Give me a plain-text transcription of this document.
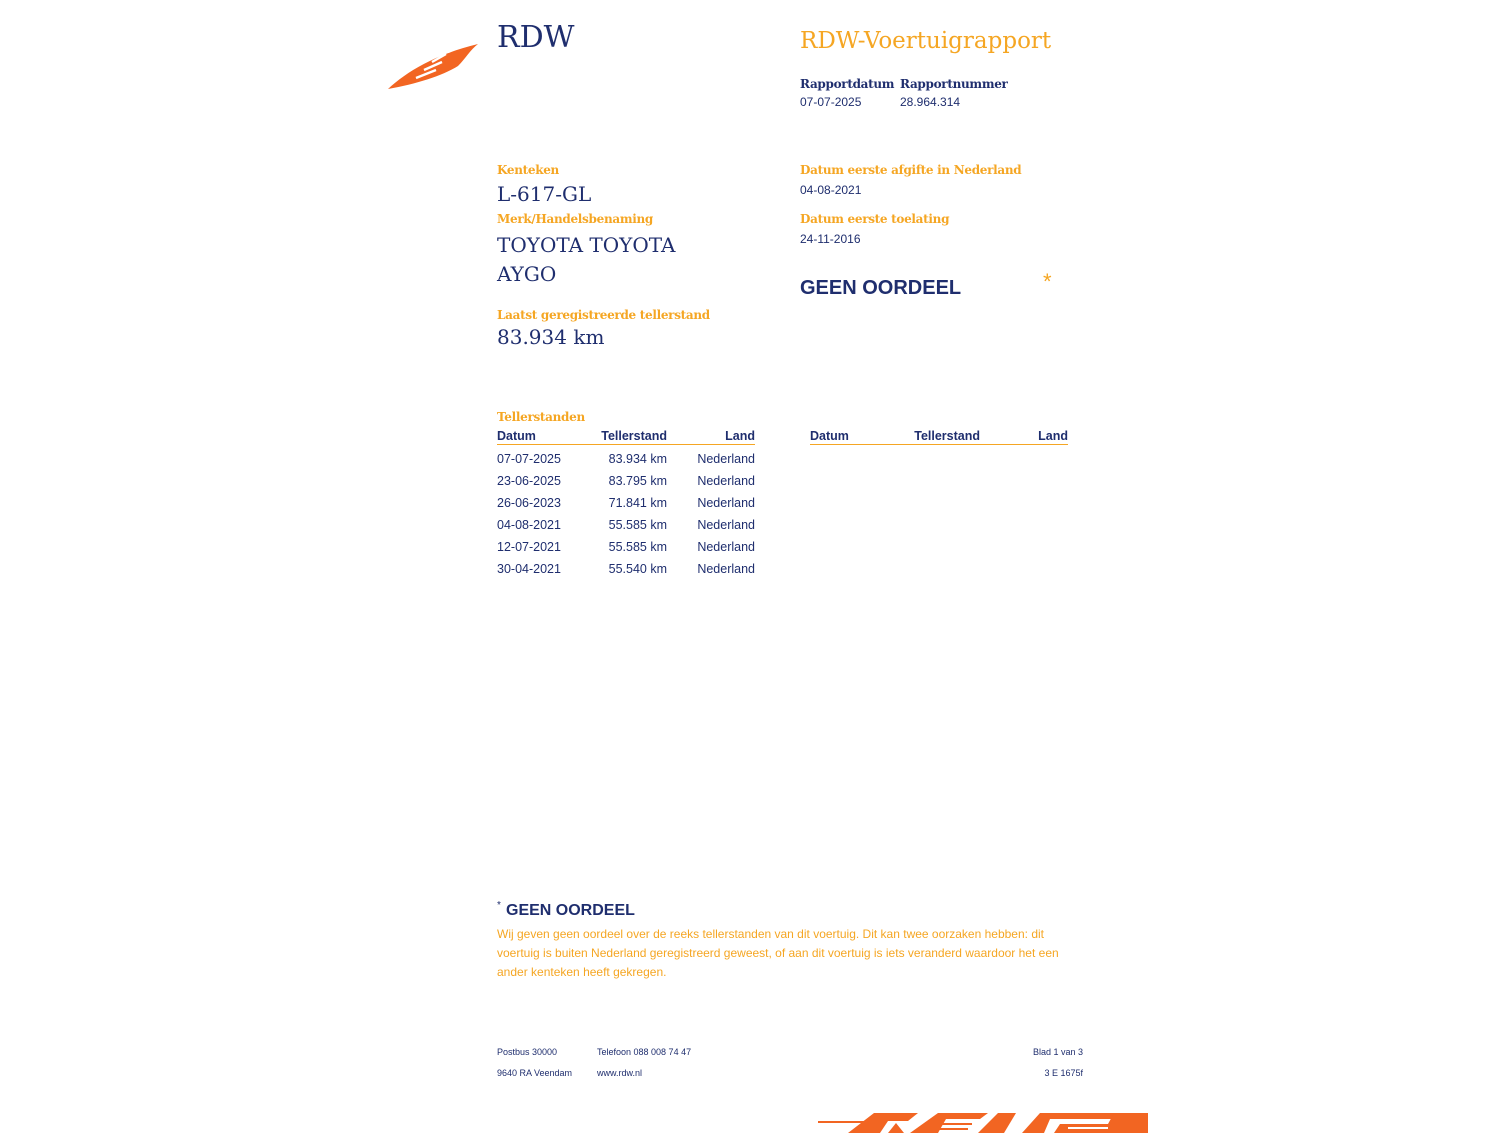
RDW	RDW-Voertuigrapport
Rapportdatum
07-07-2025
Rapportnummer
28.964.314
Kenteken
L-617-GL
Merk/Handelsbenaming
TOYOTA TOYOTA
AYGO
Laatst geregistreerde tellerstand
83.934 km
Datum eerste afgifte in Nederland
04-08-2021
Datum eerste toelating
24-11-2016
GEEN OORDEEL	*
Tellerstanden
Datum	Tellerstand	Land	Datum	Tellerstand	Land
07-07-2025	83.934 km Nederland
23-06-2025	83.795 km Nederland
26-06-2023	71.841 km Nederland
04-08-2021	55.585 km Nederland
12-07-2021	55.585 km Nederland
30-04-2021	55.540 km Nederland
* GEEN OORDEEL
Wij geven geen oordeel over de reeks tellerstanden van dit voertuig. Dit kan twee oorzaken hebben: dit
voertuig is buiten Nederland geregistreerd geweest, of aan dit voertuig is iets veranderd waardoor het een
ander kenteken heeft gekregen.
Postbus 30000
9640 RA Veendam
Telefoon 088 008 74 47
www.rdw.nl
Blad 1 van 3
3 E 1675f
